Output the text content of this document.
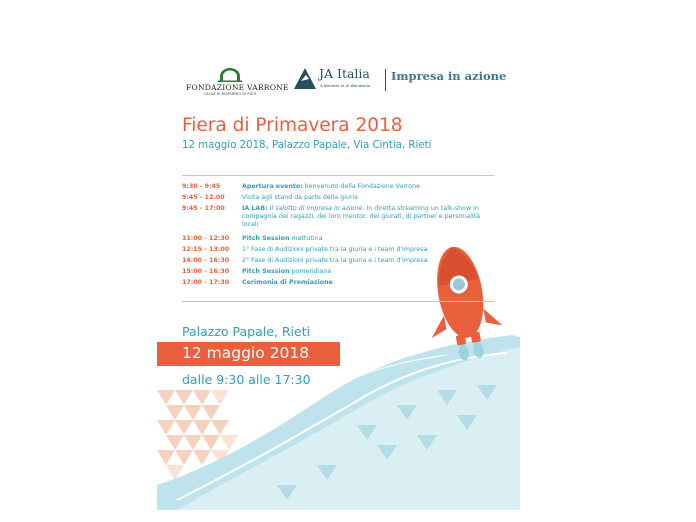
FONDAZIONE VARRONE
CASSA DI RISPARMIO DI RIETI
JA Italia
A Member of JA Worldwide
Impresa in azione
Fiera di Primavera 2018
12 maggio 2018, Palazzo Papale, Via Cintia, Rieti
9:30 - 9:45	Apertura evento: benvenuto della Fondazione Varrone
9:45 - 12.00	Visita agli stand da parte della giuria
9:45 - 17:00	IA LAB: Il salotto di impresa in azione. In diretta streaming un talk-show in compagnia dei ragazzi, dei loro mentor, dei giurati, di partner e personalità locali
11:00 - 12:30 Pitch Session mattutina
12:15 - 13:00 1° Fase di Audizioni private tra la giuria e i team d'impresa
14:00 - 16:30 2° Fase di Audizioni private tra la giuria e i team d'impresa
15:00 - 16:30 Pitch Session pomeridiana
17:00 - 17:30 Cerimonia di Premiazione
Palazzo Papale, Rieti
12 maggio 2018
dalle 9:30 alle 17:30
